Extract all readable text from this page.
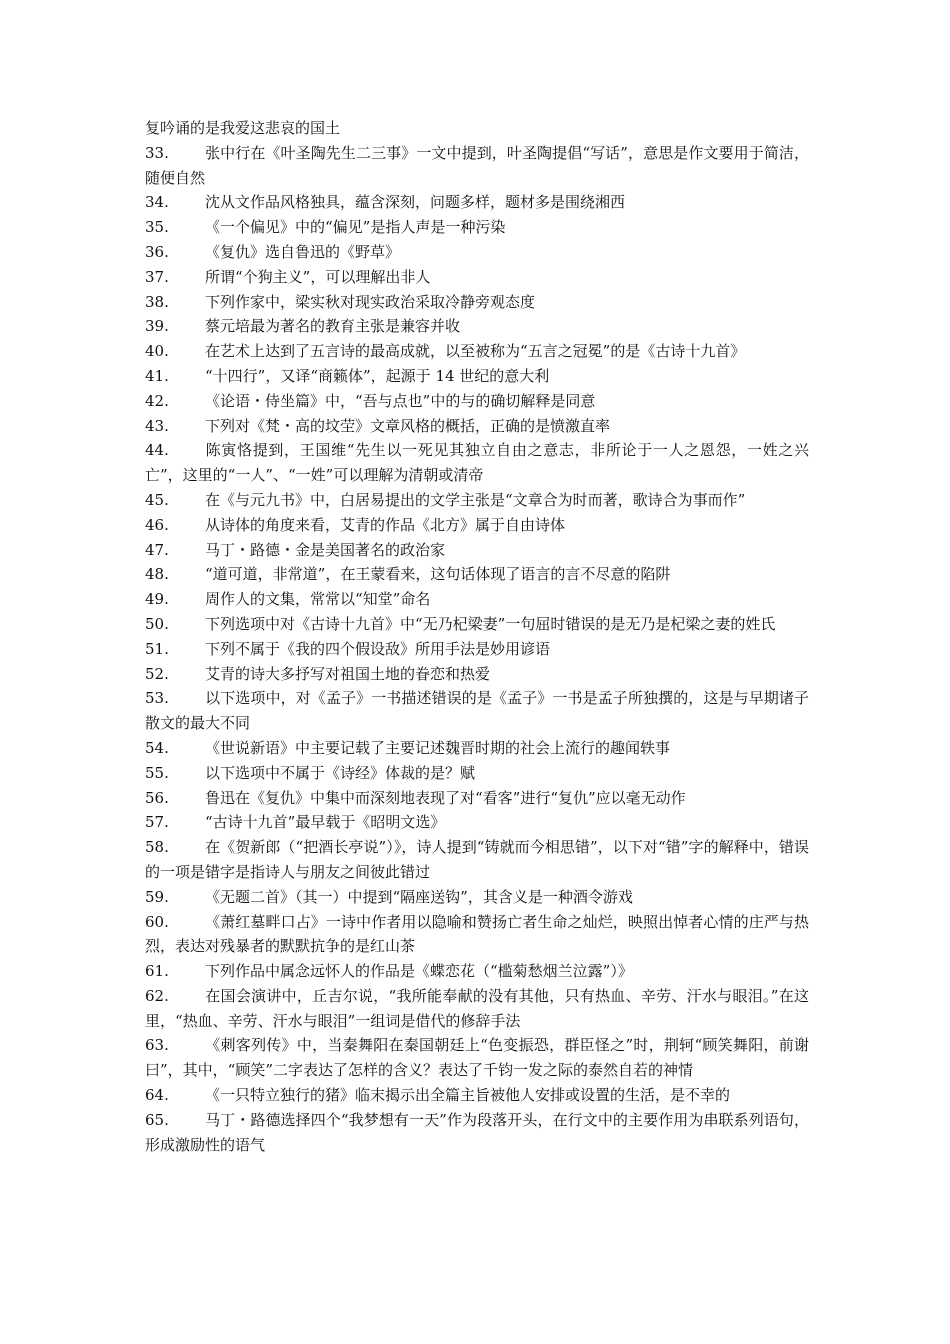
复吟诵的是我爱这悲哀的国土

33. 张中行在《叶圣陶先生二三事》一文中提到，叶圣陶提倡“写话”，意思是作文要用于简洁，随便自然

34. 沈从文作品风格独具，蕴含深刻，问题多样，题材多是围绕湘西

35. 《一个偏见》中的“偏见”是指人声是一种污染

36. 《复仇》选自鲁迅的《野草》

37. 所谓“个狗主义”，可以理解出非人

38. 下列作家中，梁实秋对现实政治采取冷静旁观态度

39. 蔡元培最为著名的教育主张是兼容并收

40. 在艺术上达到了五言诗的最高成就，以至被称为“五言之冠冕”的是《古诗十九首》

41. “十四行”，又译“商籁体”，起源于 14 世纪的意大利

42. 《论语・侍坐篇》中，“吾与点也”中的与的确切解释是同意

43. 下列对《梵・高的坟茔》文章风格的概括，正确的是愤激直率

44. 陈寅恪提到，王国维“先生以一死见其独立自由之意志，非所论于一人之恩怨，一姓之兴亡”，这里的“一人”、“一姓”可以理解为清朝或清帝

45. 在《与元九书》中，白居易提出的文学主张是“文章合为时而著，歌诗合为事而作”

46. 从诗体的角度来看，艾青的作品《北方》属于自由诗体

47. 马丁・路德・金是美国著名的政治家

48. “道可道，非常道”，在王蒙看来，这句话体现了语言的言不尽意的陷阱

49. 周作人的文集，常常以“知堂”命名

50. 下列选项中对《古诗十九首》中“无乃杞梁妻”一句屈时错误的是无乃是杞梁之妻的姓氏

51. 下列不属于《我的四个假设敌》所用手法是妙用谚语

52. 艾青的诗大多抒写对祖国土地的眷恋和热爱

53. 以下选项中，对《孟子》一书描述错误的是《孟子》一书是孟子所独撰的，这是与早期诸子散文的最大不同

54. 《世说新语》中主要记载了主要记述魏晋时期的社会上流行的趣闻轶事

55. 以下选项中不属于《诗经》体裁的是？赋

56. 鲁迅在《复仇》中集中而深刻地表现了对“看客”进行“复仇”应以毫无动作

57. “古诗十九首”最早载于《昭明文选》

58. 在《贺新郎（“把酒长亭说”）》，诗人提到“铸就而今相思错”，以下对“错”字的解释中，错误的一项是错字是指诗人与朋友之间彼此错过

59. 《无题二首》（其一）中提到“隔座送钩”，其含义是一种酒令游戏

60. 《萧红墓畔口占》一诗中作者用以隐喻和赞扬亡者生命之灿烂，映照出悼者心情的庄严与热烈，表达对残暴者的默默抗争的是红山茶

61. 下列作品中属念远怀人的作品是《蝶恋花（“槛菊愁烟兰泣露”）》

62. 在国会演讲中，丘吉尔说，“我所能奉献的没有其他，只有热血、辛劳、汗水与眼泪。”在这里，“热血、辛劳、汗水与眼泪”一组词是借代的修辞手法

63. 《刺客列传》中，当秦舞阳在秦国朝廷上“色变振恐，群臣怪之”时，荆轲“顾笑舞阳，前谢曰”，其中，“顾笑”二字表达了怎样的含义？表达了千钧一发之际的泰然自若的神情

64. 《一只特立独行的猪》临末揭示出全篇主旨被他人安排或设置的生活，是不幸的

65. 马丁・路德选择四个“我梦想有一天”作为段落开头，在行文中的主要作用为串联系列语句，形成激励性的语气
